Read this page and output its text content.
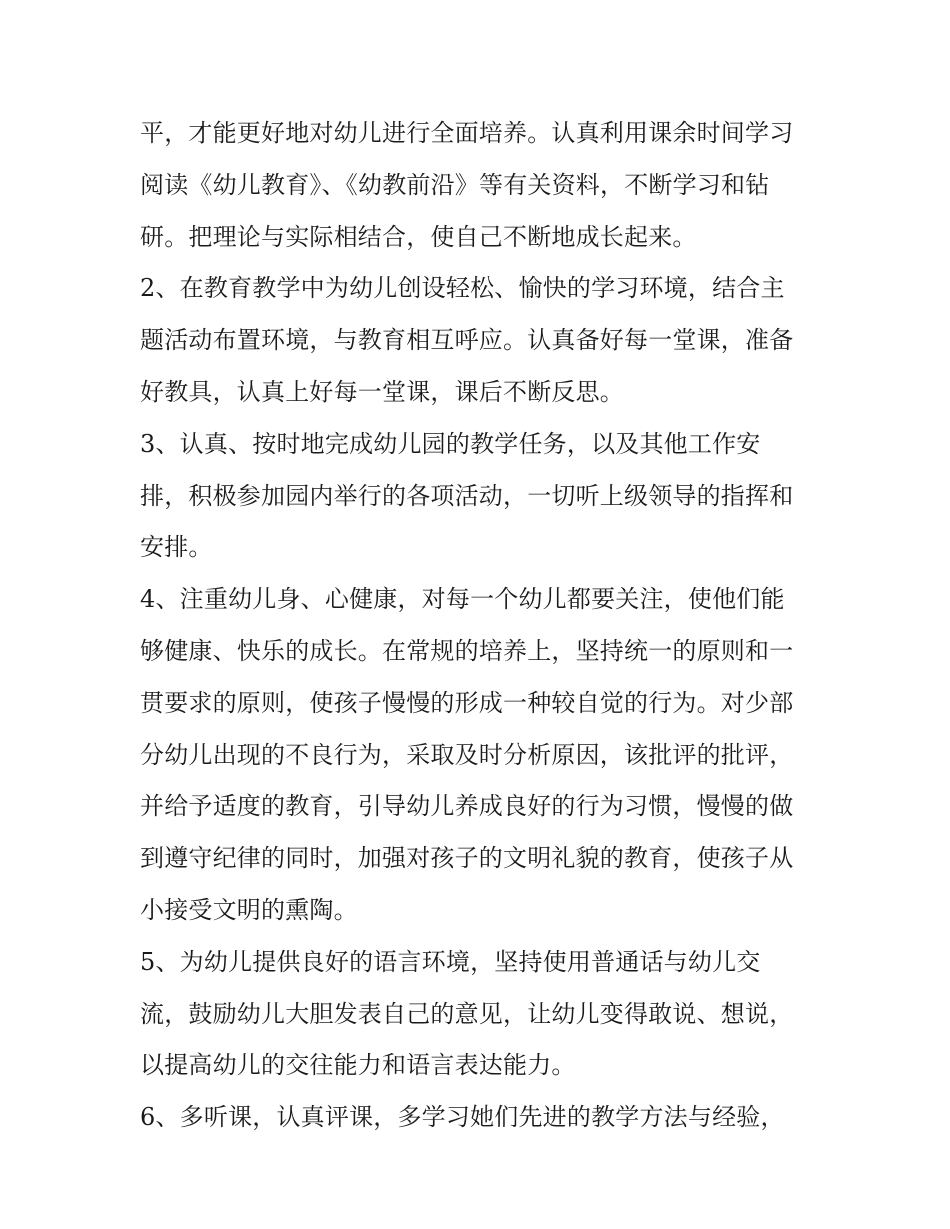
平，才能更好地对幼儿进行全面培养。认真利用课余时间学习
阅读《幼儿教育》、《幼教前沿》等有关资料，不断学习和钻
研。把理论与实际相结合，使自己不断地成长起来。
2、在教育教学中为幼儿创设轻松、愉快的学习环境，结合主
题活动布置环境，与教育相互呼应。认真备好每一堂课，准备
好教具，认真上好每一堂课，课后不断反思。
3、认真、按时地完成幼儿园的教学任务，以及其他工作安
排，积极参加园内举行的各项活动，一切听上级领导的指挥和
安排。
4、注重幼儿身、心健康，对每一个幼儿都要关注，使他们能
够健康、快乐的成长。在常规的培养上，坚持统一的原则和一
贯要求的原则，使孩子慢慢的形成一种较自觉的行为。对少部
分幼儿出现的不良行为，采取及时分析原因，该批评的批评，
并给予适度的教育，引导幼儿养成良好的行为习惯，慢慢的做
到遵守纪律的同时，加强对孩子的文明礼貌的教育，使孩子从
小接受文明的熏陶。
5、为幼儿提供良好的语言环境，坚持使用普通话与幼儿交
流，鼓励幼儿大胆发表自己的意见，让幼儿变得敢说、想说，
以提高幼儿的交往能力和语言表达能力。
6、多听课，认真评课，多学习她们先进的教学方法与经验，
